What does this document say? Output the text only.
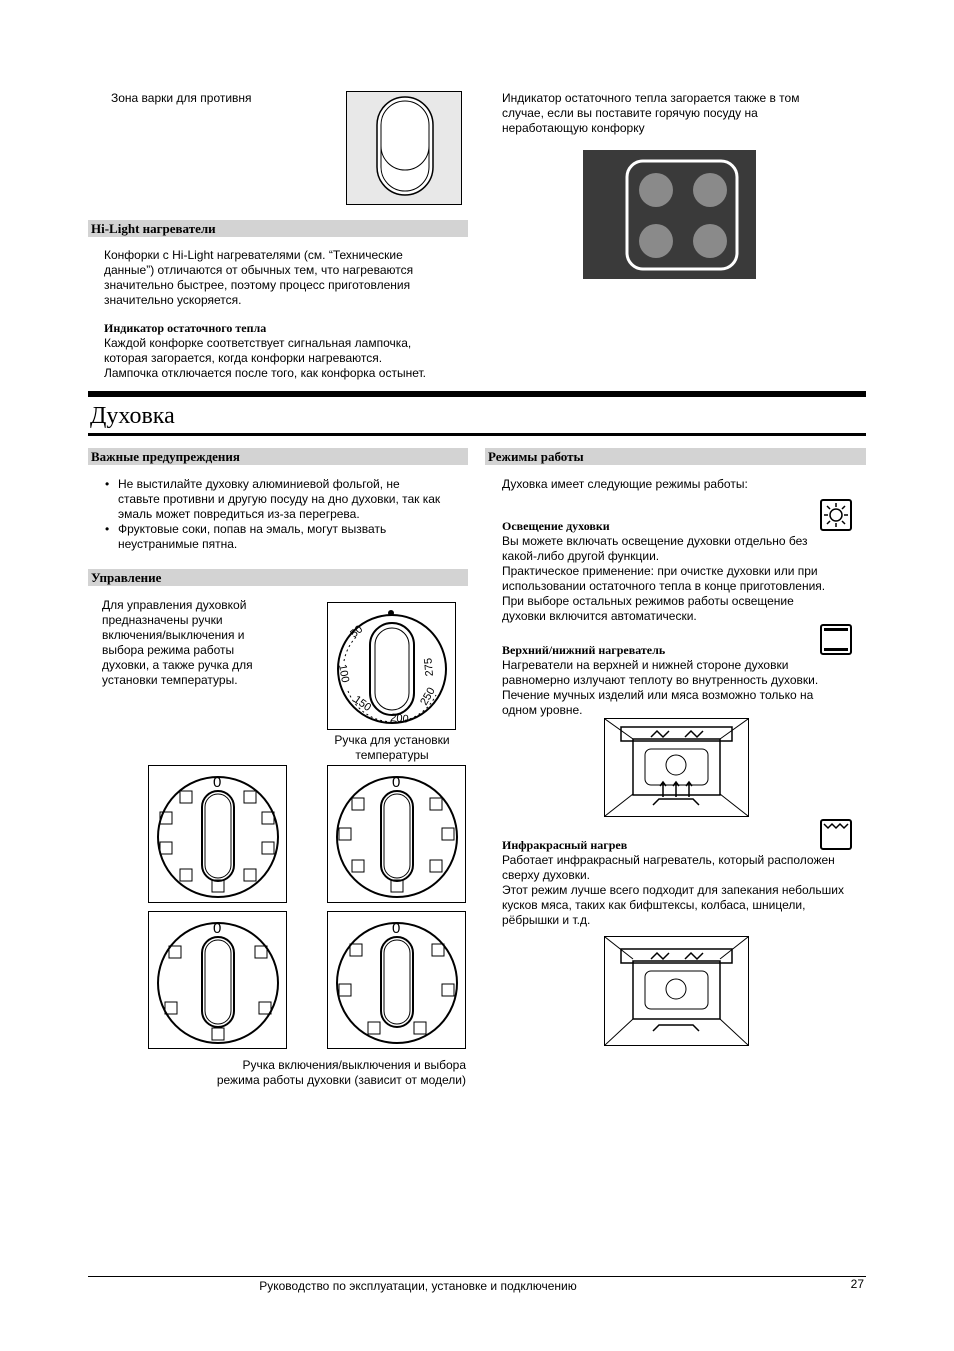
Зона варки для противня	Индикатор остаточного тепла загорается также в том
случае, если вы поставите горячую посуду на
неработающую конфорку
Hi-Light нагреватели
Конфорки с Hi-Light нагревателями (см. “Технические
данные”) отличаются от обычных тем, что нагреваются
значительно быстрее, поэтому процесс приготовления
значительно ускоряется.
Индикатор остаточного тепла
Каждой конфорке соответствует сигнальная лампочка,
которая загорается, когда конфорки нагреваются.
Лампочка отключается после того, как конфорка остынет.
Духовка
Важные предупреждения
• Не выстилайте духовку алюминиевой фольгой, не
ставьте противни и другую посуду на дно духовки, так как
эмаль может повредиться из-за перегрева.
• Фруктовые соки, попав на эмаль, могут вызвать
неустранимые пятна.
Управление
Для управления духовкой
предназначены ручки
включения/выключения и
выбора режима работы
духовки, а также ручка для
установки температуры.
50
100
150
200
250
275
Ручка для установки
температуры
0	0
0	0
Ручка включения/выключения и выбора
режима работы духовки (зависит от модели)
Режимы работы
Духовка имеет следующие режимы работы:
Освещение духовки
Вы можете включать освещение духовки отдельно без
какой-либо другой функции.
Практическое применение: при очистке духовки или при
использовании остаточного тепла в конце приготовления.
При выборе остальных режимов работы освещение
духовки включится автоматически.
Верхний/нижний нагреватель
Нагреватели на верхней и нижней стороне духовки
равномерно излучают теплоту во внутренность духовки.
Печение мучных изделий или мяса возможно только на
одном уровне.
Инфракрасный нагрев
Работает инфракрасный нагреватель, который расположен
сверху духовки.
Этот режим лучше всего подходит для запекания небольших
кусков мяса, таких как бифштексы, колбаса, шницели,
рёбрышки и т.д.
Руководство по эксплуатации, установке и подключению	27
